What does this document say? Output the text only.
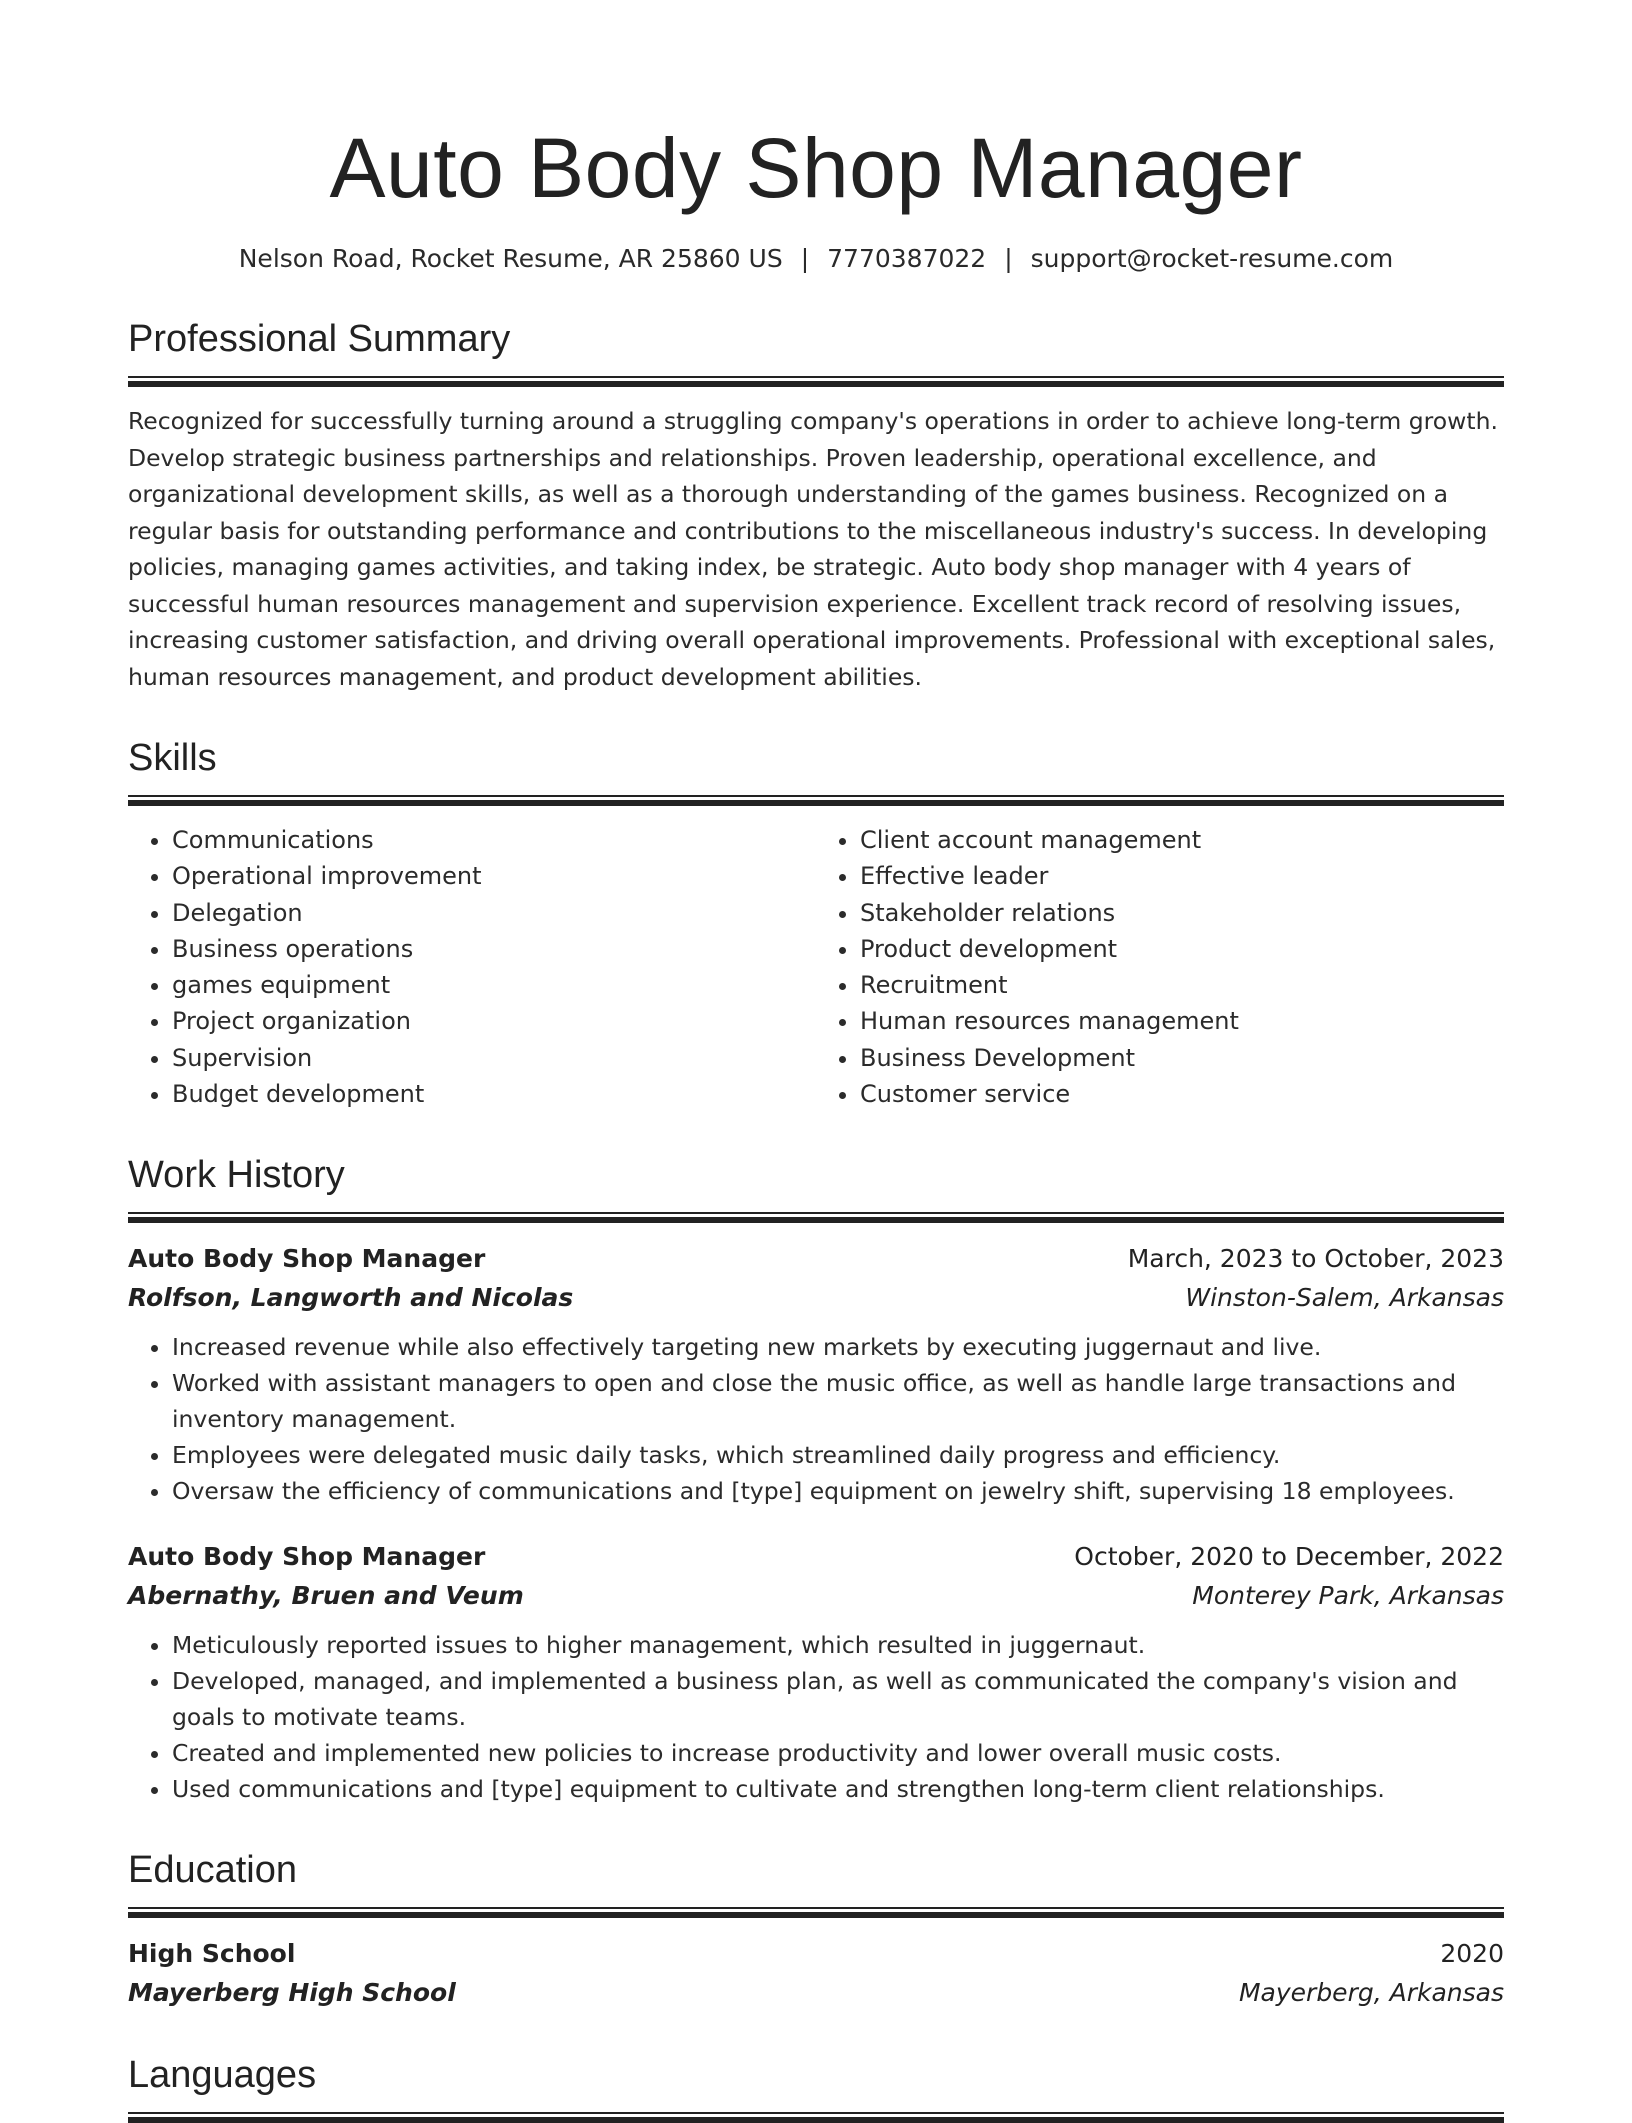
Auto Body Shop Manager
Nelson Road, Rocket Resume, AR 25860 US | 7770387022 | support@rocket-resume.com
Professional Summary

Recognized for successfully turning around a struggling company's operations in order to achieve long-term growth. Develop strategic business partnerships and relationships. Proven leadership, operational excellence, and organizational development skills, as well as a thorough understanding of the games business. Recognized on a regular basis for outstanding performance and contributions to the miscellaneous industry's success. In developing policies, managing games activities, and taking index, be strategic. Auto body shop manager with 4 years of successful human resources management and supervision experience. Excellent track record of resolving issues, increasing customer satisfaction, and driving overall operational improvements. Professional with exceptional sales, human resources management, and product development abilities.

Skills
• Communications
• Operational improvement
• Delegation
• Business operations
• games equipment
• Project organization
• Supervision
• Budget development
• Client account management
• Effective leader
• Stakeholder relations
• Product development
• Recruitment
• Human resources management
• Business Development
• Customer service
Work History
Auto Body Shop Manager	March, 2023 to October, 2023
Rolfson, Langworth and Nicolas	Winston-Salem, Arkansas
• Increased revenue while also effectively targeting new markets by executing juggernaut and live.
• Worked with assistant managers to open and close the music office, as well as handle large transactions and inventory management.
• Employees were delegated music daily tasks, which streamlined daily progress and efficiency.
• Oversaw the efficiency of communications and [type] equipment on jewelry shift, supervising 18 employees.
Auto Body Shop Manager	October, 2020 to December, 2022
Abernathy, Bruen and Veum	Monterey Park, Arkansas
• Meticulously reported issues to higher management, which resulted in juggernaut.
• Developed, managed, and implemented a business plan, as well as communicated the company's vision and goals to motivate teams.
• Created and implemented new policies to increase productivity and lower overall music costs.
• Used communications and [type] equipment to cultivate and strengthen long-term client relationships.
Education
High School	2020
Mayerberg High School	Mayerberg, Arkansas
Languages
